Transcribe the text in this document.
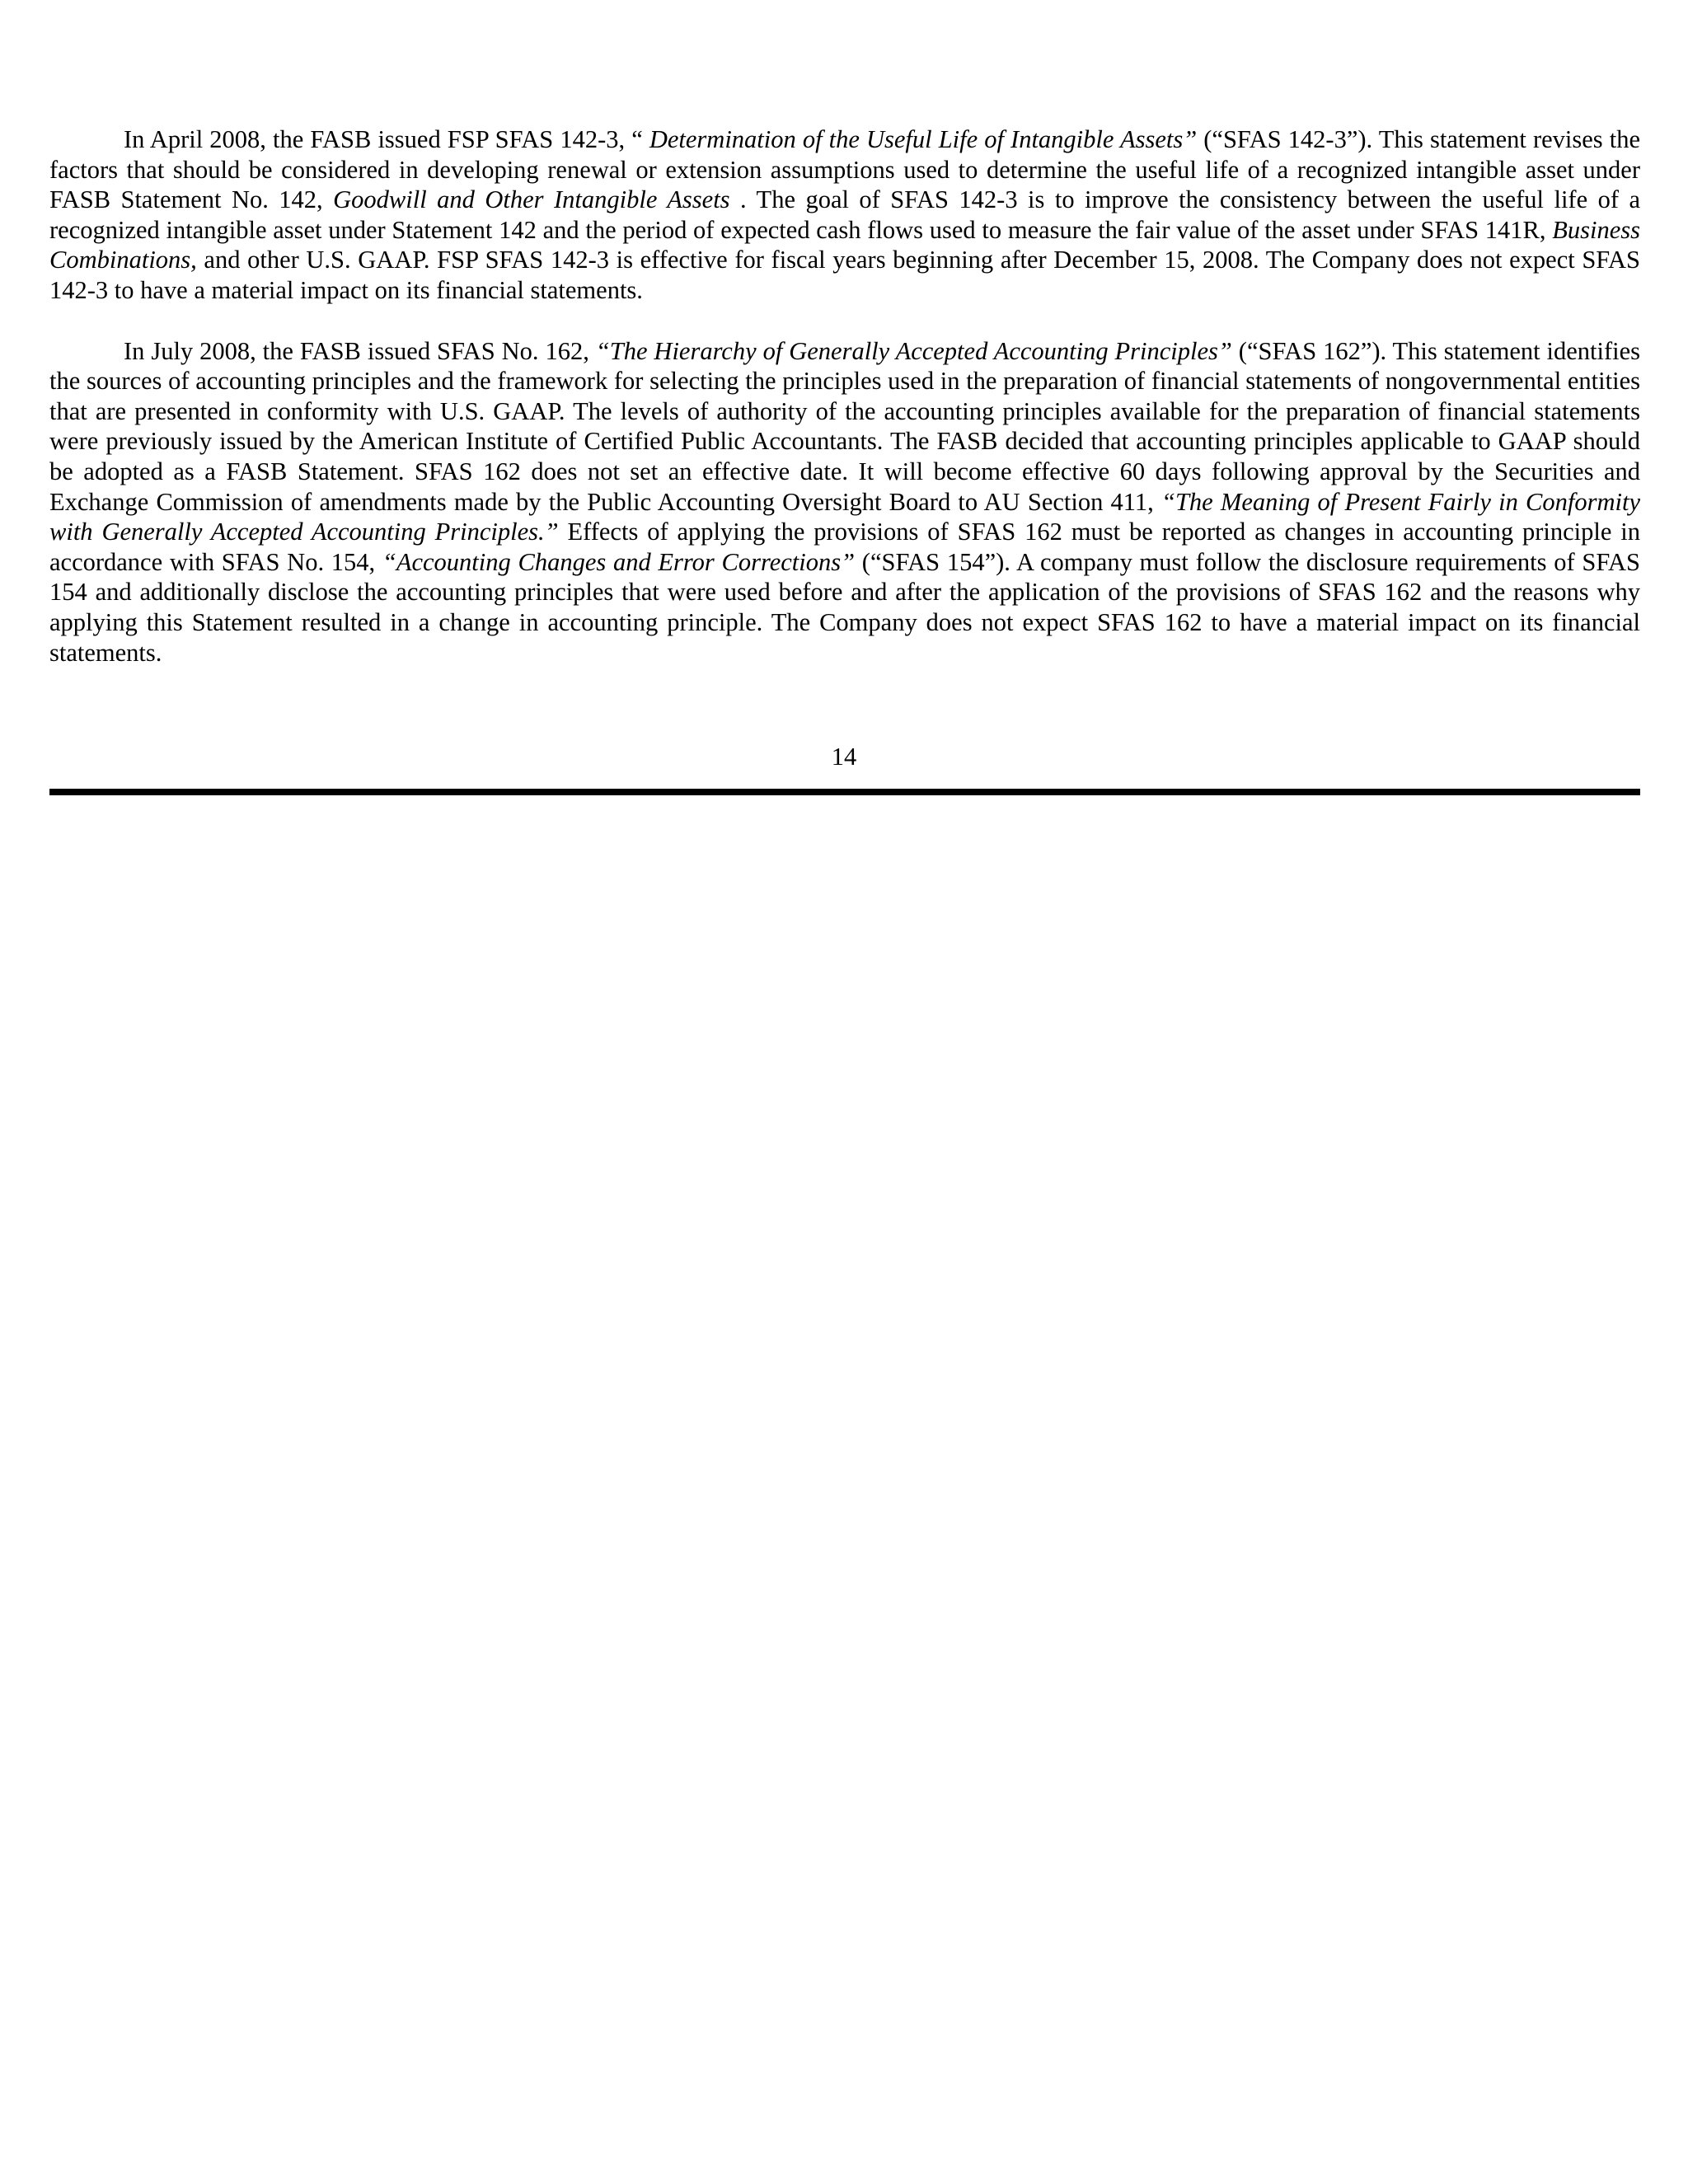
In April 2008, the FASB issued FSP SFAS 142-3, “ Determination of the Useful Life of Intangible Assets” (“SFAS 142-3”). This statement revises the factors that should be considered in developing renewal or extension assumptions used to determine the useful life of a recognized intangible asset under FASB Statement No. 142, Goodwill and Other Intangible Assets . The goal of SFAS 142-3 is to improve the consistency between the useful life of a recognized intangible asset under Statement 142 and the period of expected cash flows used to measure the fair value of the asset under SFAS 141R, Business Combinations, and other U.S. GAAP. FSP SFAS 142-3 is effective for fiscal years beginning after December 15, 2008. The Company does not expect SFAS 142-3 to have a material impact on its financial statements.

In July 2008, the FASB issued SFAS No. 162, “The Hierarchy of Generally Accepted Accounting Principles” (“SFAS 162”). This statement identifies the sources of accounting principles and the framework for selecting the principles used in the preparation of financial statements of nongovernmental entities that are presented in conformity with U.S. GAAP. The levels of authority of the accounting principles available for the preparation of financial statements were previously issued by the American Institute of Certified Public Accountants. The FASB decided that accounting principles applicable to GAAP should be adopted as a FASB Statement. SFAS 162 does not set an effective date. It will become effective 60 days following approval by the Securities and Exchange Commission of amendments made by the Public Accounting Oversight Board to AU Section 411, “The Meaning of Present Fairly in Conformity with Generally Accepted Accounting Principles.” Effects of applying the provisions of SFAS 162 must be reported as changes in accounting principle in accordance with SFAS No. 154, “Accounting Changes and Error Corrections” (“SFAS 154”). A company must follow the disclosure requirements of SFAS 154 and additionally disclose the accounting principles that were used before and after the application of the provisions of SFAS 162 and the reasons why applying this Statement resulted in a change in accounting principle. The Company does not expect SFAS 162 to have a material impact on its financial statements.

14
